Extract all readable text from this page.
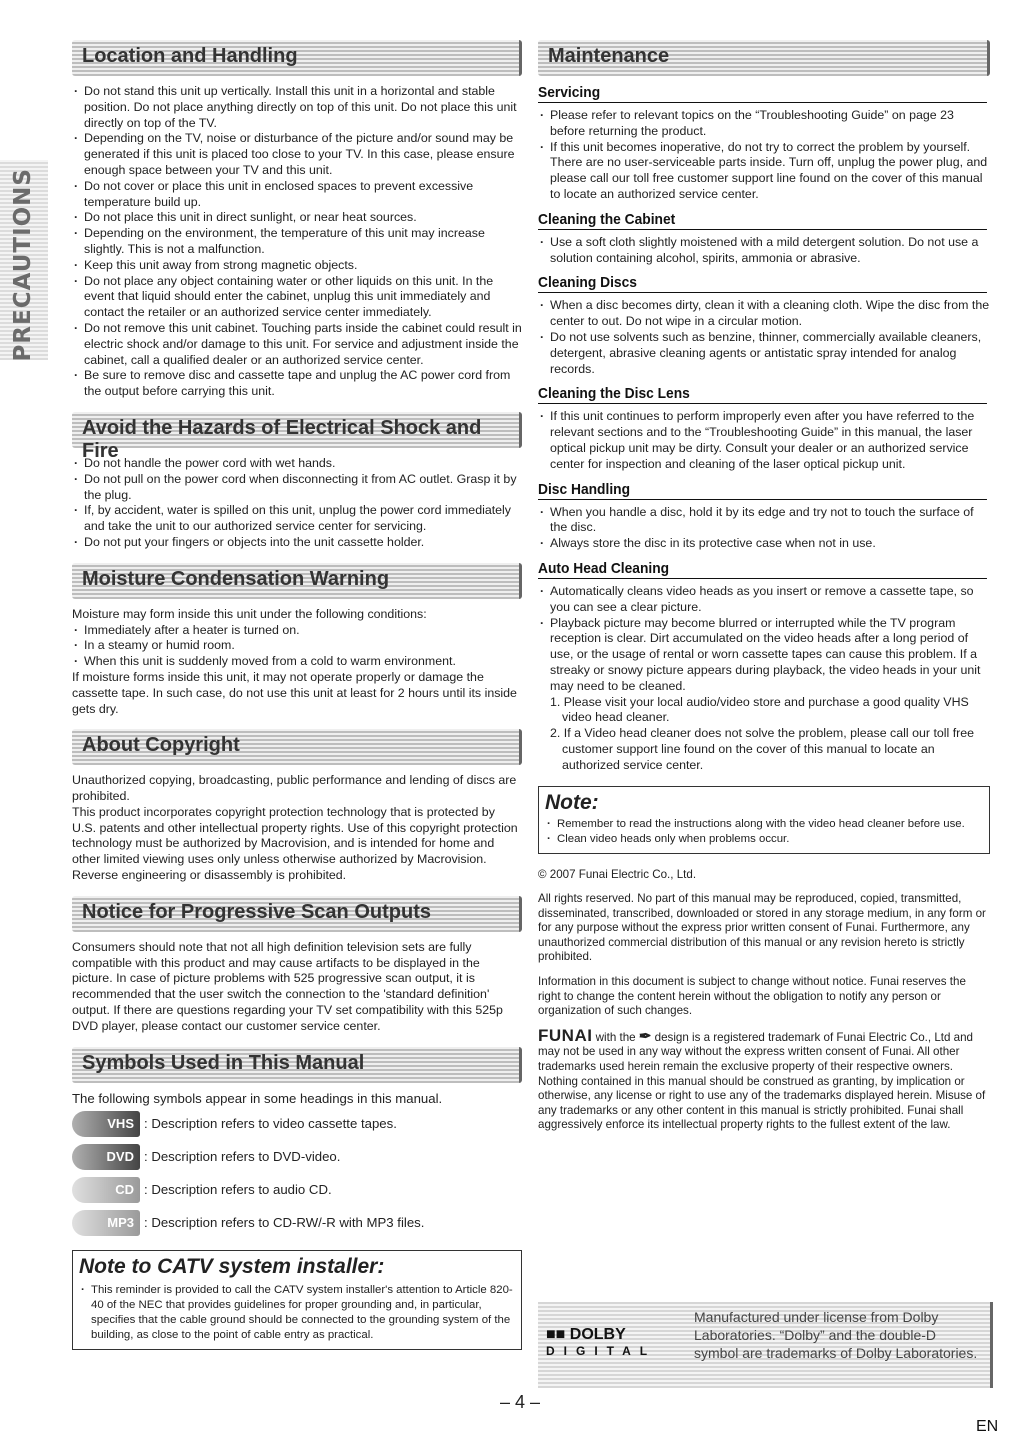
PRECAUTIONS
Location and Handling
· Do not stand this unit up vertically. Install this unit in a horizontal and stable position. Do not place anything directly on top of this unit. Do not place this unit directly on top of the TV.
· Depending on the TV, noise or disturbance of the picture and/or sound may be generated if this unit is placed too close to your TV. In this case, please ensure enough space between your TV and this unit.
· Do not cover or place this unit in enclosed spaces to prevent excessive temperature build up.
· Do not place this unit in direct sunlight, or near heat sources.
· Depending on the environment, the temperature of this unit may increase slightly. This is not a malfunction.
· Keep this unit away from strong magnetic objects.
· Do not place any object containing water or other liquids on this unit. In the event that liquid should enter the cabinet, unplug this unit immediately and contact the retailer or an authorized service center immediately.
· Do not remove this unit cabinet. Touching parts inside the cabinet could result in electric shock and/or damage to this unit. For service and adjustment inside the cabinet, call a qualified dealer or an authorized service center.
· Be sure to remove disc and cassette tape and unplug the AC power cord from the output before carrying this unit.
Avoid the Hazards of Electrical Shock and Fire
· Do not handle the power cord with wet hands.
· Do not pull on the power cord when disconnecting it from AC outlet. Grasp it by the plug.
· If, by accident, water is spilled on this unit, unplug the power cord immediately and take the unit to our authorized service center for servicing.
· Do not put your fingers or objects into the unit cassette holder.
Moisture Condensation Warning

Moisture may form inside this unit under the following conditions:

· Immediately after a heater is turned on.
· In a steamy or humid room.
· When this unit is suddenly moved from a cold to warm environment.

If moisture forms inside this unit, it may not operate properly or damage the cassette tape. In such case, do not use this unit at least for 2 hours until its inside gets dry.

About Copyright

Unauthorized copying, broadcasting, public performance and lending of discs are prohibited.

This product incorporates copyright protection technology that is protected by U.S. patents and other intellectual property rights. Use of this copyright protection technology must be authorized by Macrovision, and is intended for home and other limited viewing uses only unless otherwise authorized by Macrovision. Reverse engineering or disassembly is prohibited.

Notice for Progressive Scan Outputs

Consumers should note that not all high definition television sets are fully compatible with this product and may cause artifacts to be displayed in the picture. In case of picture problems with 525 progressive scan output, it is recommended that the user switch the connection to the 'standard definition' output. If there are questions regarding your TV set compatibility with this 525p DVD player, please contact our customer service center.

Symbols Used in This Manual

The following symbols appear in some headings in this manual.

VHS : Description refers to video cassette tapes.
DVD : Description refers to DVD-video.
CD : Description refers to audio CD.
MP3 : Description refers to CD-RW/-R with MP3 files.

Note to CATV system installer:

· This reminder is provided to call the CATV system installer's attention to Article 820-40 of the NEC that provides guidelines for proper grounding and, in particular, specifies that the cable ground should be connected to the grounding system of the building, as close to the point of cable entry as practical.
Maintenance
Servicing
· Please refer to relevant topics on the “Troubleshooting Guide” on page 23 before returning the product.
· If this unit becomes inoperative, do not try to correct the problem by yourself. There are no user-serviceable parts inside. Turn off, unplug the power plug, and please call our toll free customer support line found on the cover of this manual to locate an authorized service center.
Cleaning the Cabinet
· Use a soft cloth slightly moistened with a mild detergent solution. Do not use a solution containing alcohol, spirits, ammonia or abrasive.
Cleaning Discs
· When a disc becomes dirty, clean it with a cleaning cloth. Wipe the disc from the center to out. Do not wipe in a circular motion.
· Do not use solvents such as benzine, thinner, commercially available cleaners, detergent, abrasive cleaning agents or antistatic spray intended for analog records.
Cleaning the Disc Lens
· If this unit continues to perform improperly even after you have referred to the relevant sections and to the “Troubleshooting Guide” in this manual, the laser optical pickup unit may be dirty. Consult your dealer or an authorized service center for inspection and cleaning of the laser optical pickup unit.
Disc Handling
· When you handle a disc, hold it by its edge and try not to touch the surface of the disc.
· Always store the disc in its protective case when not in use.
Auto Head Cleaning
· Automatically cleans video heads as you insert or remove a cassette tape, so you can see a clear picture.
· Playback picture may become blurred or interrupted while the TV program reception is clear. Dirt accumulated on the video heads after a long period of use, or the usage of rental or worn cassette tapes can cause this problem. If a streaky or snowy picture appears during playback, the video heads in your unit may need to be cleaned.

1. Please visit your local audio/video store and purchase a good quality VHS video head cleaner.

2. If a Video head cleaner does not solve the problem, please call our toll free customer support line found on the cover of this manual to locate an authorized service center.

Note:

· Remember to read the instructions along with the video head cleaner before use.
· Clean video heads only when problems occur.

© 2007 Funai Electric Co., Ltd.

All rights reserved. No part of this manual may be reproduced, copied, transmitted, disseminated, transcribed, downloaded or stored in any storage medium, in any form or for any purpose without the express prior written consent of Funai. Furthermore, any unauthorized commercial distribution of this manual or any revision hereto is strictly prohibited.

Information in this document is subject to change without notice. Funai reserves the right to change the content herein without the obligation to notify any person or organization of such changes.

FUNAI with the ✒ design is a registered trademark of Funai Electric Co., Ltd and may not be used in any way without the express written consent of Funai. All other trademarks used herein remain the exclusive property of their respective owners. Nothing contained in this manual should be construed as granting, by implication or otherwise, any license or right to use any of the trademarks displayed herein. Misuse of any trademarks or any other content in this manual is strictly prohibited. Funai shall aggressively enforce its intellectual property rights to the fullest extent of the law.

■■ DOLBY
DIGITAL
Manufactured under license from Dolby Laboratories. “Dolby” and the double-D symbol are trademarks of Dolby Laboratories.
– 4 –
EN
